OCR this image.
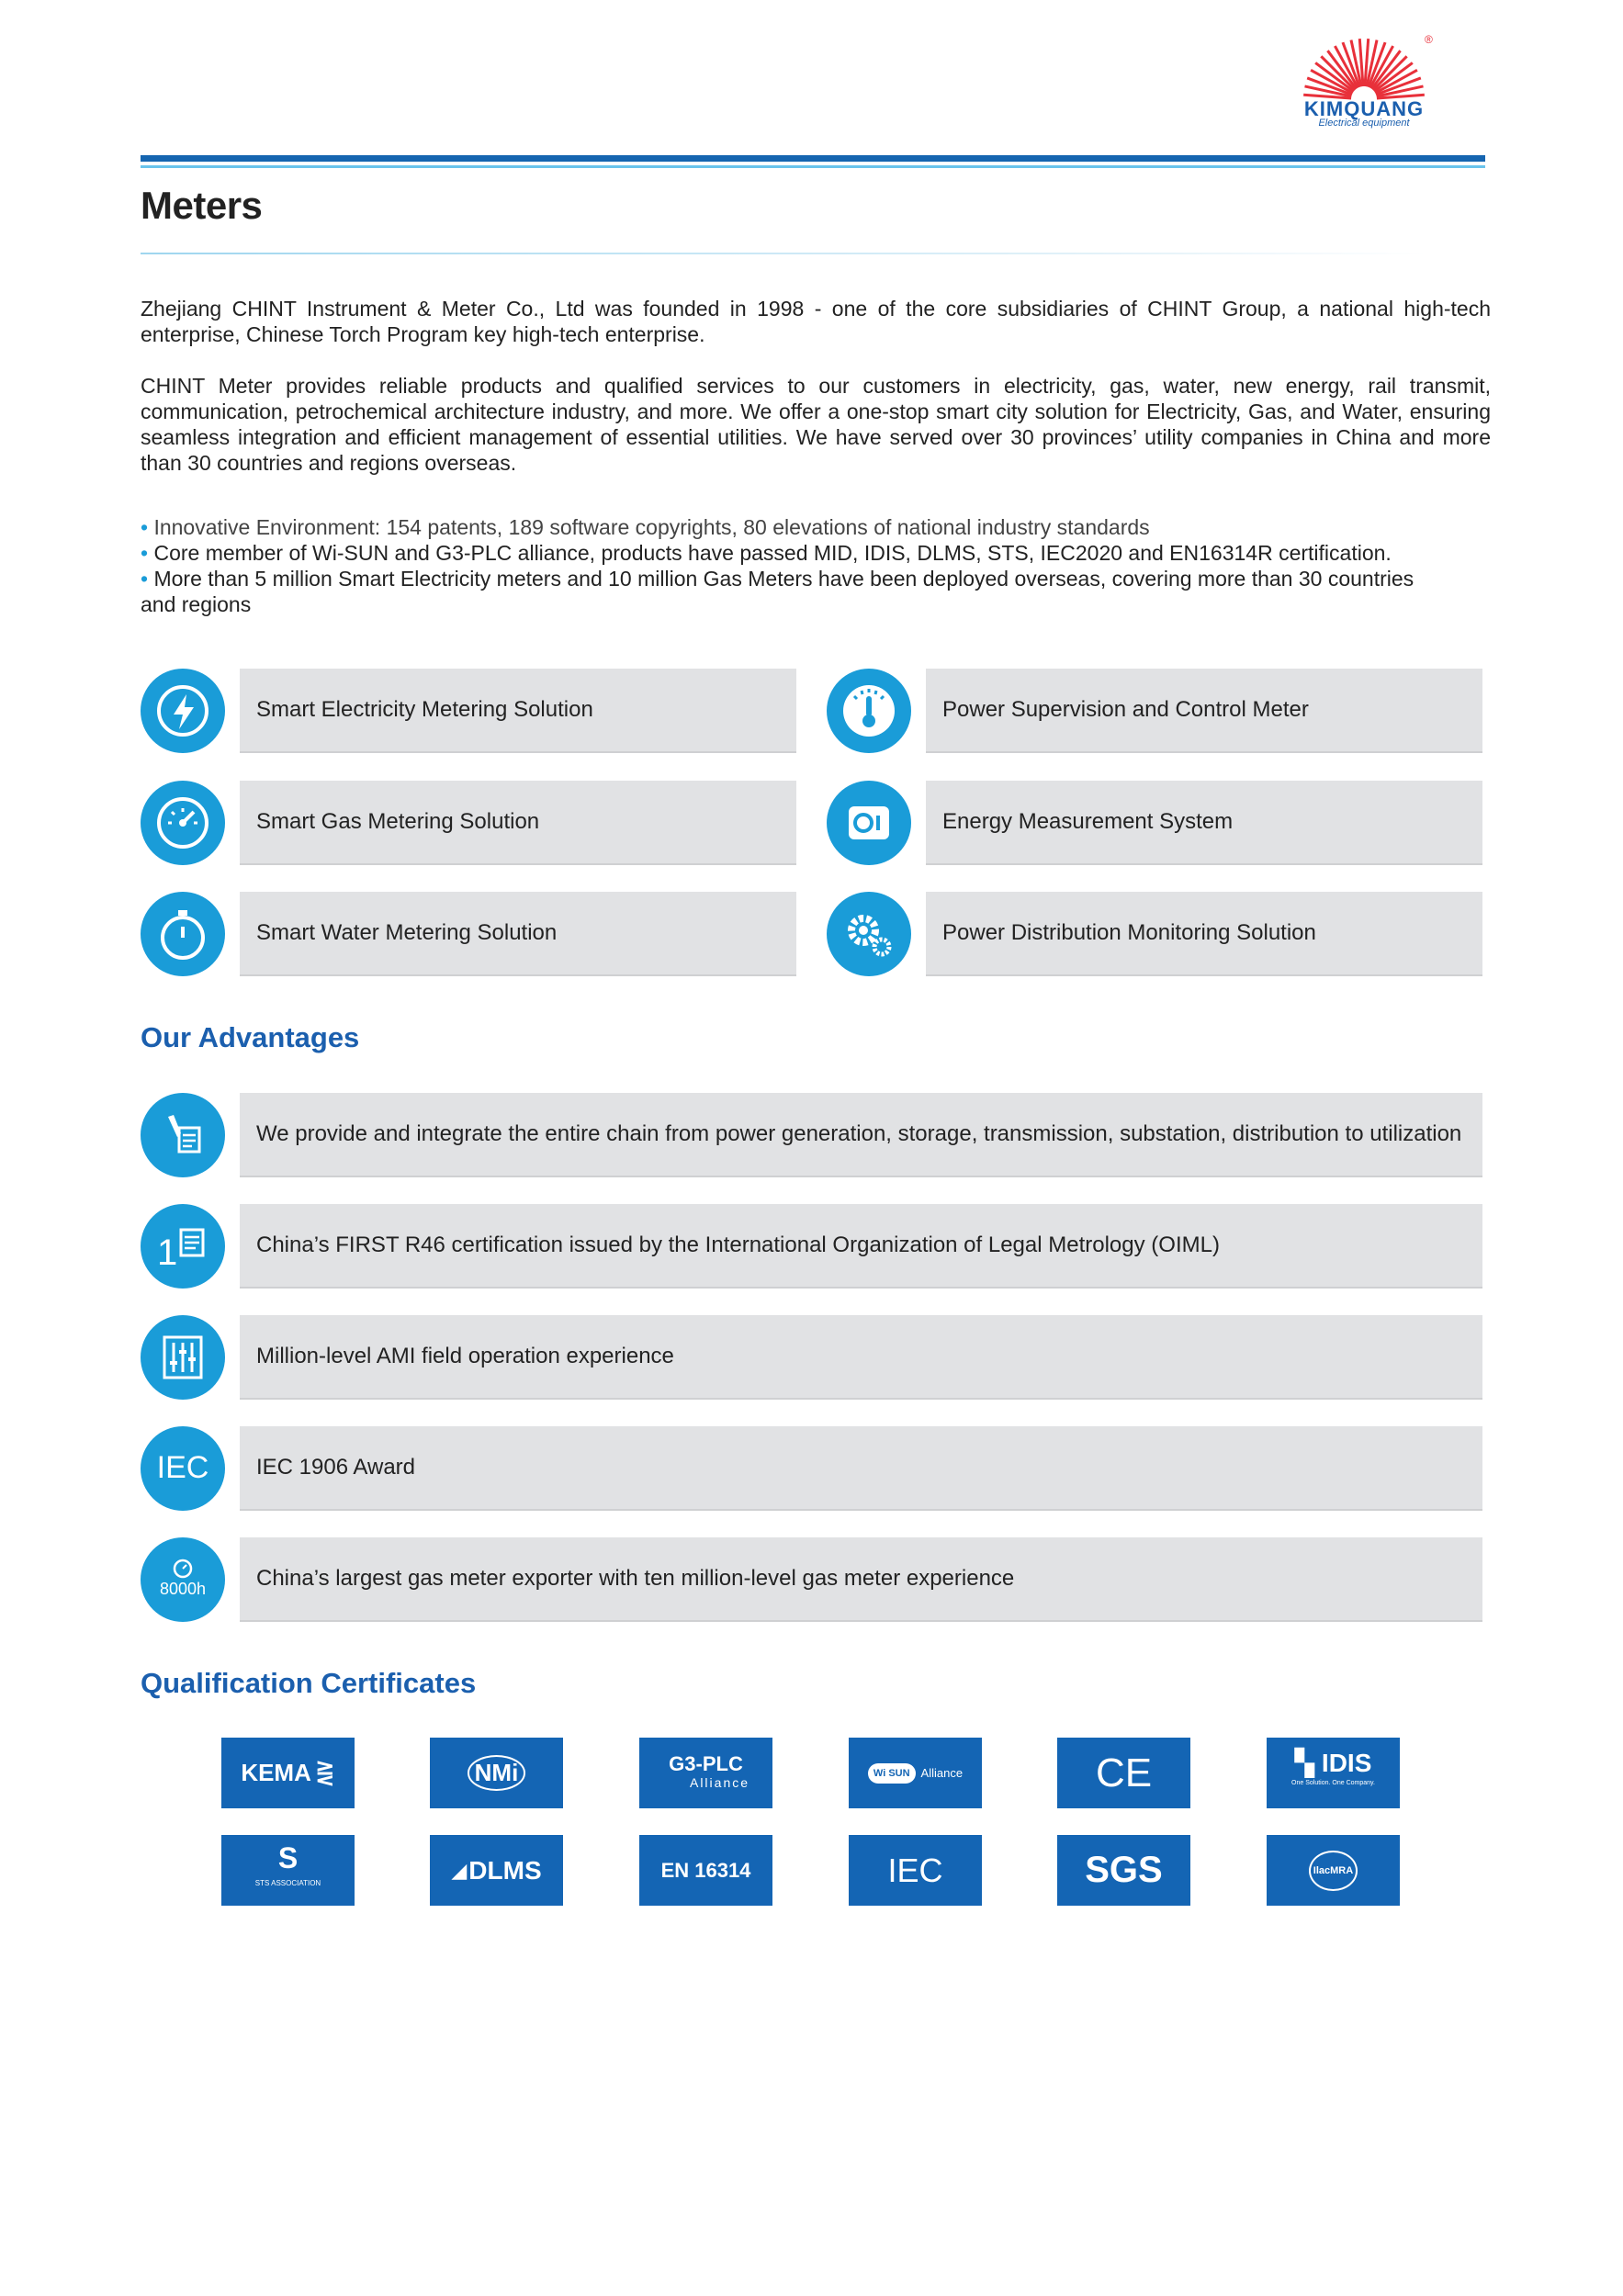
KIMQUANG
Electrical equipment
®
Meters
Zhejiang CHINT Instrument & Meter Co., Ltd was founded in 1998 - one of the core subsidiaries of CHINT Group, a national high-tech enterprise, Chinese Torch Program key high-tech enterprise.
CHINT Meter provides reliable products and qualified services to our customers in electricity, gas, water, new energy, rail transmit, communication, petrochemical architecture industry, and more. We offer a one-stop smart city solution for Electricity, Gas, and Water, ensuring seamless integration and efficient management of essential utilities. We have served over 30 provinces’ utility companies in China and more than 30 countries and regions overseas.
• Innovative Environment: 154 patents, 189 software copyrights, 80 elevations of national industry standards
• Core member of Wi-SUN and G3-PLC alliance, products have passed MID, IDIS, DLMS, STS, IEC2020 and EN16314R certification.
• More than 5 million Smart Electricity meters and 10 million Gas Meters have been deployed overseas, covering more than 30 countries and regions
Smart Electricity Metering Solution	Power Supervision and Control Meter
Smart Gas Metering Solution	Energy Measurement System
Smart Water Metering Solution	Power Distribution Monitoring Solution
Our Advantages
We provide and integrate the entire chain from power generation, storage, transmission, substation, distribution to utilization
1	China’s FIRST R46 certification issued by the International Organization of Legal Metrology (OIML)
Million-level AMI field operation experience
IEC	IEC 1906 Award
8000h	China’s largest gas meter exporter with ten million-level gas meter experience
Qualification Certificates
KEMA ⋛	NMi	G3-PLC
Alliance
Wi SUN Alliance	CE	▚ IDIS
One Solution. One Company.
S
STS ASSOCIATION
◢ DLMS	EN 16314	IEC	SGS	IlacMRA
